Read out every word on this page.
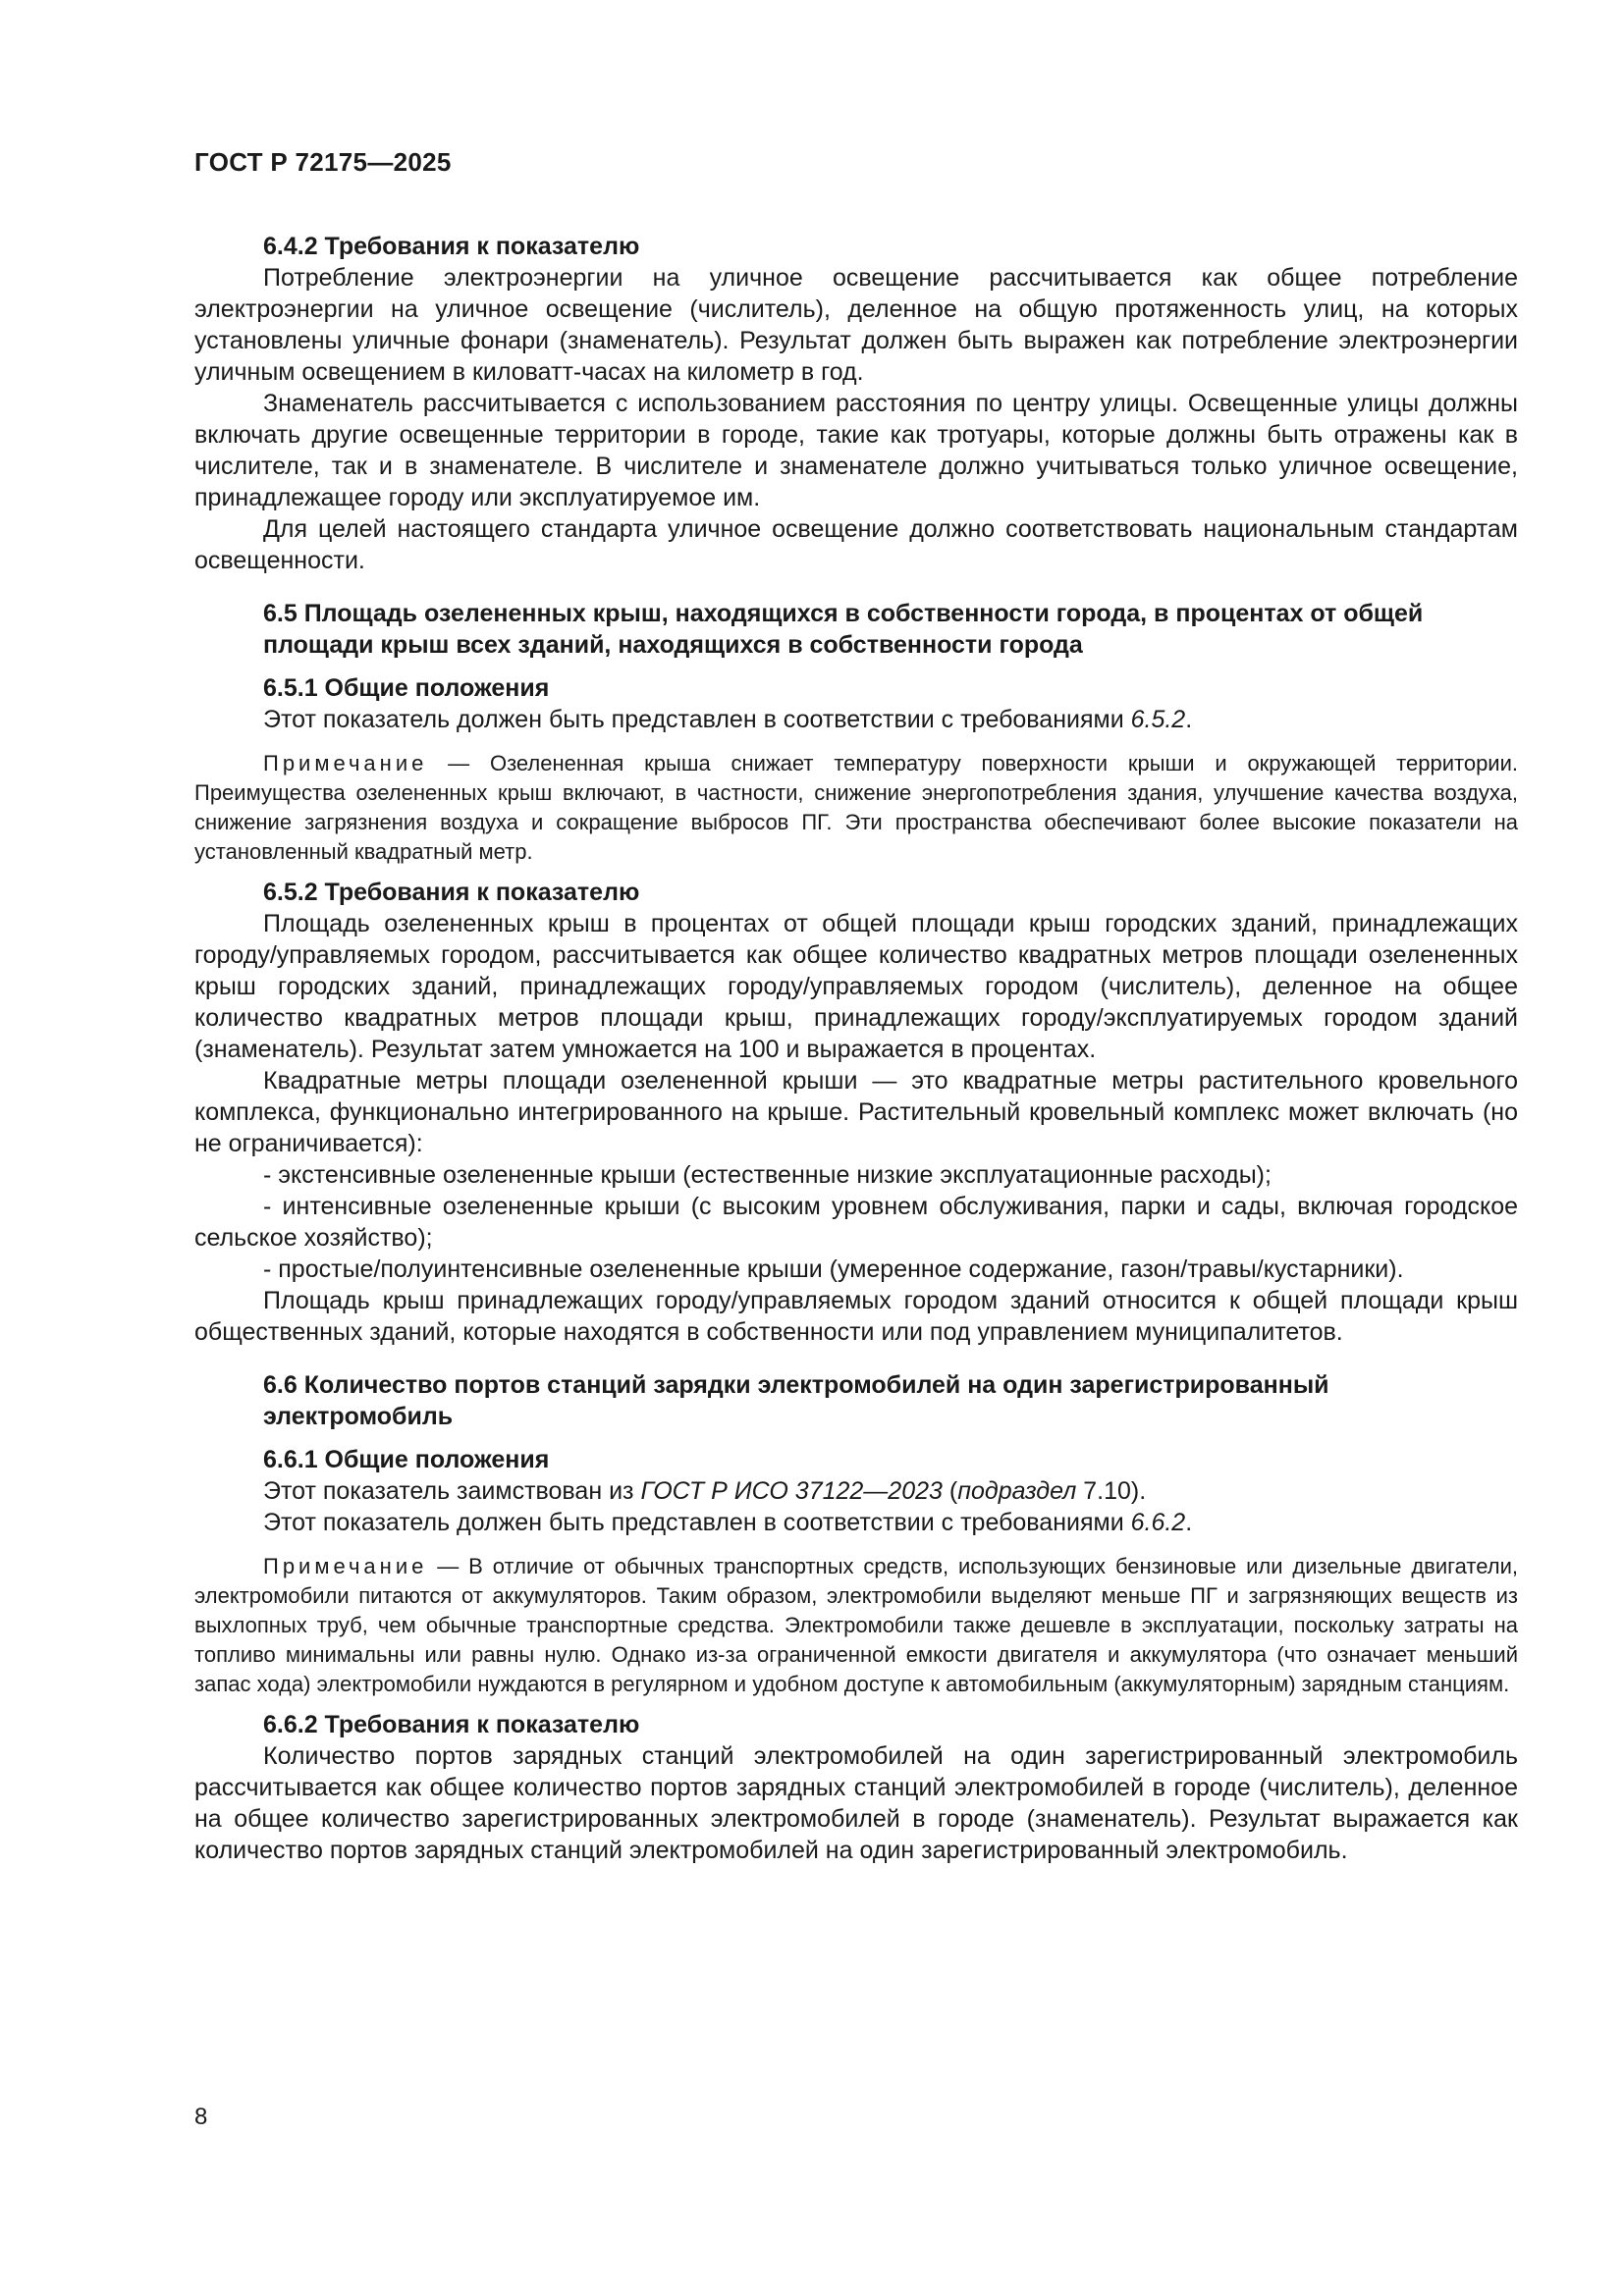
ГОСТ Р 72175—2025

6.4.2 Требования к показателю

Потребление электроэнергии на уличное освещение рассчитывается как общее потребление электроэнергии на уличное освещение (числитель), деленное на общую протяженность улиц, на которых установлены уличные фонари (знаменатель). Результат должен быть выражен как потребление электроэнергии уличным освещением в киловатт-часах на километр в год.

Знаменатель рассчитывается с использованием расстояния по центру улицы. Освещенные улицы должны включать другие освещенные территории в городе, такие как тротуары, которые должны быть отражены как в числителе, так и в знаменателе. В числителе и знаменателе должно учитываться только уличное освещение, принадлежащее городу или эксплуатируемое им.

Для целей настоящего стандарта уличное освещение должно соответствовать национальным стандартам освещенности.

6.5 Площадь озелененных крыш, находящихся в собственности города, в процентах от общей площади крыш всех зданий, находящихся в собственности города

6.5.1 Общие положения

Этот показатель должен быть представлен в соответствии с требованиями 6.5.2.

Примечание — Озелененная крыша снижает температуру поверхности крыши и окружающей территории. Преимущества озелененных крыш включают, в частности, снижение энергопотребления здания, улучшение качества воздуха, снижение загрязнения воздуха и сокращение выбросов ПГ. Эти пространства обеспечивают более высокие показатели на установленный квадратный метр.

6.5.2 Требования к показателю

Площадь озелененных крыш в процентах от общей площади крыш городских зданий, принадлежащих городу/управляемых городом, рассчитывается как общее количество квадратных метров площади озелененных крыш городских зданий, принадлежащих городу/управляемых городом (числитель), деленное на общее количество квадратных метров площади крыш, принадлежащих городу/эксплуатируемых городом зданий (знаменатель). Результат затем умножается на 100 и выражается в процентах.

Квадратные метры площади озелененной крыши — это квадратные метры растительного кровельного комплекса, функционально интегрированного на крыше. Растительный кровельный комплекс может включать (но не ограничивается):

- экстенсивные озелененные крыши (естественные низкие эксплуатационные расходы);

- интенсивные озелененные крыши (с высоким уровнем обслуживания, парки и сады, включая городское сельское хозяйство);

- простые/полуинтенсивные озелененные крыши (умеренное содержание, газон/травы/кустарники).

Площадь крыш принадлежащих городу/управляемых городом зданий относится к общей площади крыш общественных зданий, которые находятся в собственности или под управлением муниципалитетов.

6.6 Количество портов станций зарядки электромобилей на один зарегистрированный электромобиль

6.6.1 Общие положения

Этот показатель заимствован из ГОСТ Р ИСО 37122—2023 (подраздел 7.10).

Этот показатель должен быть представлен в соответствии с требованиями 6.6.2.

Примечание — В отличие от обычных транспортных средств, использующих бензиновые или дизельные двигатели, электромобили питаются от аккумуляторов. Таким образом, электромобили выделяют меньше ПГ и загрязняющих веществ из выхлопных труб, чем обычные транспортные средства. Электромобили также дешевле в эксплуатации, поскольку затраты на топливо минимальны или равны нулю. Однако из-за ограниченной емкости двигателя и аккумулятора (что означает меньший запас хода) электромобили нуждаются в регулярном и удобном доступе к автомобильным (аккумуляторным) зарядным станциям.

6.6.2 Требования к показателю

Количество портов зарядных станций электромобилей на один зарегистрированный электромобиль рассчитывается как общее количество портов зарядных станций электромобилей в городе (числитель), деленное на общее количество зарегистрированных электромобилей в городе (знаменатель). Результат выражается как количество портов зарядных станций электромобилей на один зарегистрированный электромобиль.

8
